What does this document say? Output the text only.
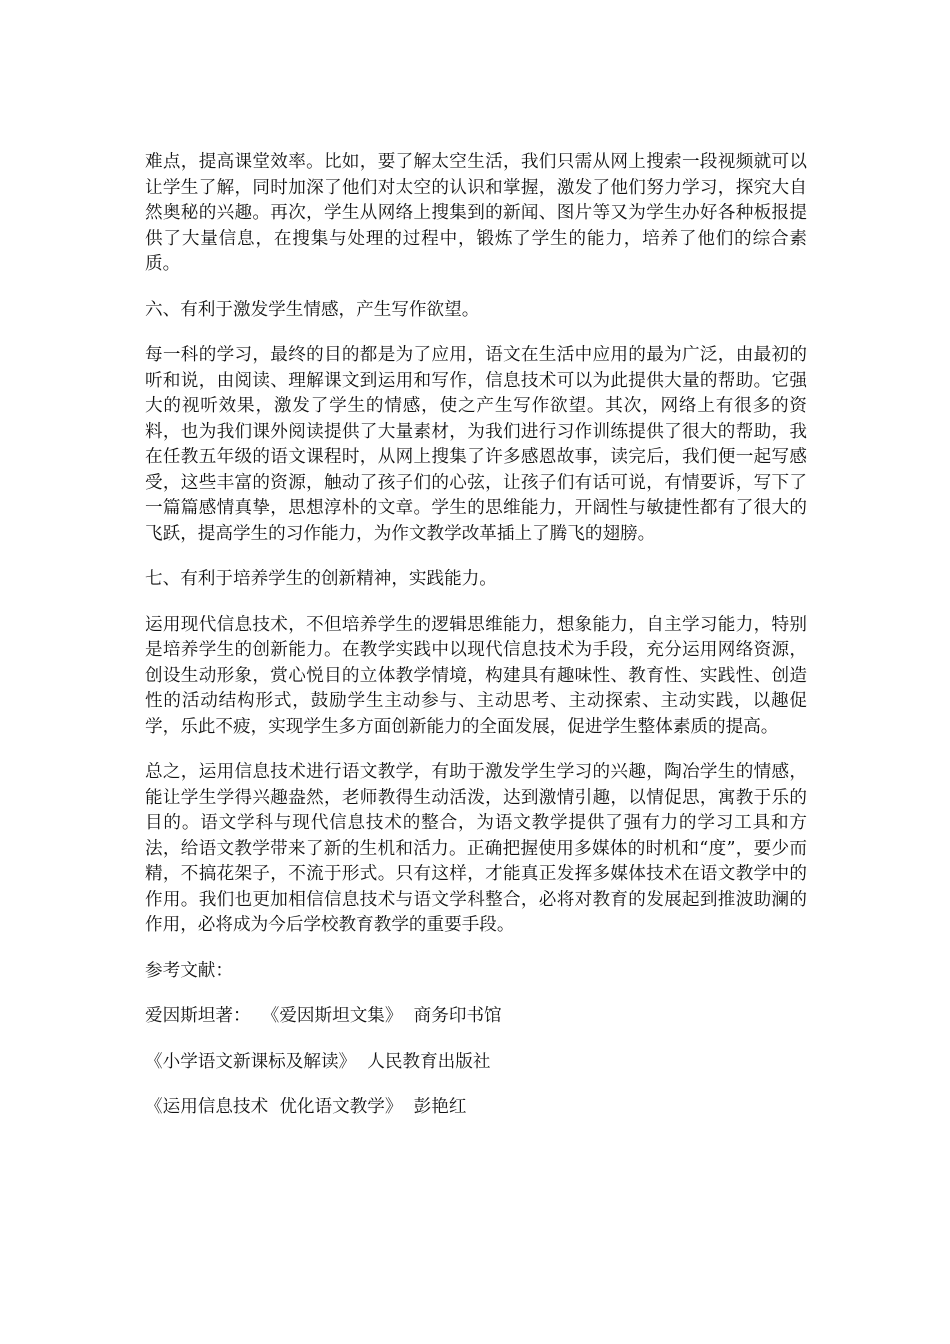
难点，提高课堂效率。比如，要了解太空生活，我们只需从网上搜索一段视频就可以让学生了解，同时加深了他们对太空的认识和掌握，激发了他们努力学习，探究大自然奥秘的兴趣。再次，学生从网络上搜集到的新闻、图片等又为学生办好各种板报提供了大量信息，在搜集与处理的过程中，锻炼了学生的能力，培养了他们的综合素质。

六、有利于激发学生情感，产生写作欲望。

每一科的学习，最终的目的都是为了应用，语文在生活中应用的最为广泛，由最初的听和说，由阅读、理解课文到运用和写作，信息技术可以为此提供大量的帮助。它强大的视听效果，激发了学生的情感，使之产生写作欲望。其次，网络上有很多的资料，也为我们课外阅读提供了大量素材，为我们进行习作训练提供了很大的帮助，我在任教五年级的语文课程时，从网上搜集了许多感恩故事，读完后，我们便一起写感受，这些丰富的资源，触动了孩子们的心弦，让孩子们有话可说，有情要诉，写下了一篇篇感情真挚，思想淳朴的文章。学生的思维能力，开阔性与敏捷性都有了很大的飞跃，提高学生的习作能力，为作文教学改革插上了腾飞的翅膀。

七、有利于培养学生的创新精神，实践能力。

运用现代信息技术，不但培养学生的逻辑思维能力，想象能力，自主学习能力，特别是培养学生的创新能力。在教学实践中以现代信息技术为手段，充分运用网络资源，创设生动形象，赏心悦目的立体教学情境，构建具有趣味性、教育性、实践性、创造性的活动结构形式，鼓励学生主动参与、主动思考、主动探索、主动实践，以趣促学，乐此不疲，实现学生多方面创新能力的全面发展，促进学生整体素质的提高。

总之，运用信息技术进行语文教学，有助于激发学生学习的兴趣，陶冶学生的情感，能让学生学得兴趣盎然，老师教得生动活泼，达到激情引趣，以情促思，寓教于乐的目的。语文学科与现代信息技术的整合，为语文教学提供了强有力的学习工具和方法，给语文教学带来了新的生机和活力。正确把握使用多媒体的时机和“度”，要少而精，不搞花架子，不流于形式。只有这样，才能真正发挥多媒体技术在语文教学中的作用。我们也更加相信信息技术与语文学科整合，必将对教育的发展起到推波助澜的作用，必将成为今后学校教育教学的重要手段。

参考文献：

爱因斯坦著：  《爱因斯坦文集》  商务印书馆

《小学语文新课标及解读》  人民教育出版社

《运用信息技术  优化语文教学》  彭艳红
